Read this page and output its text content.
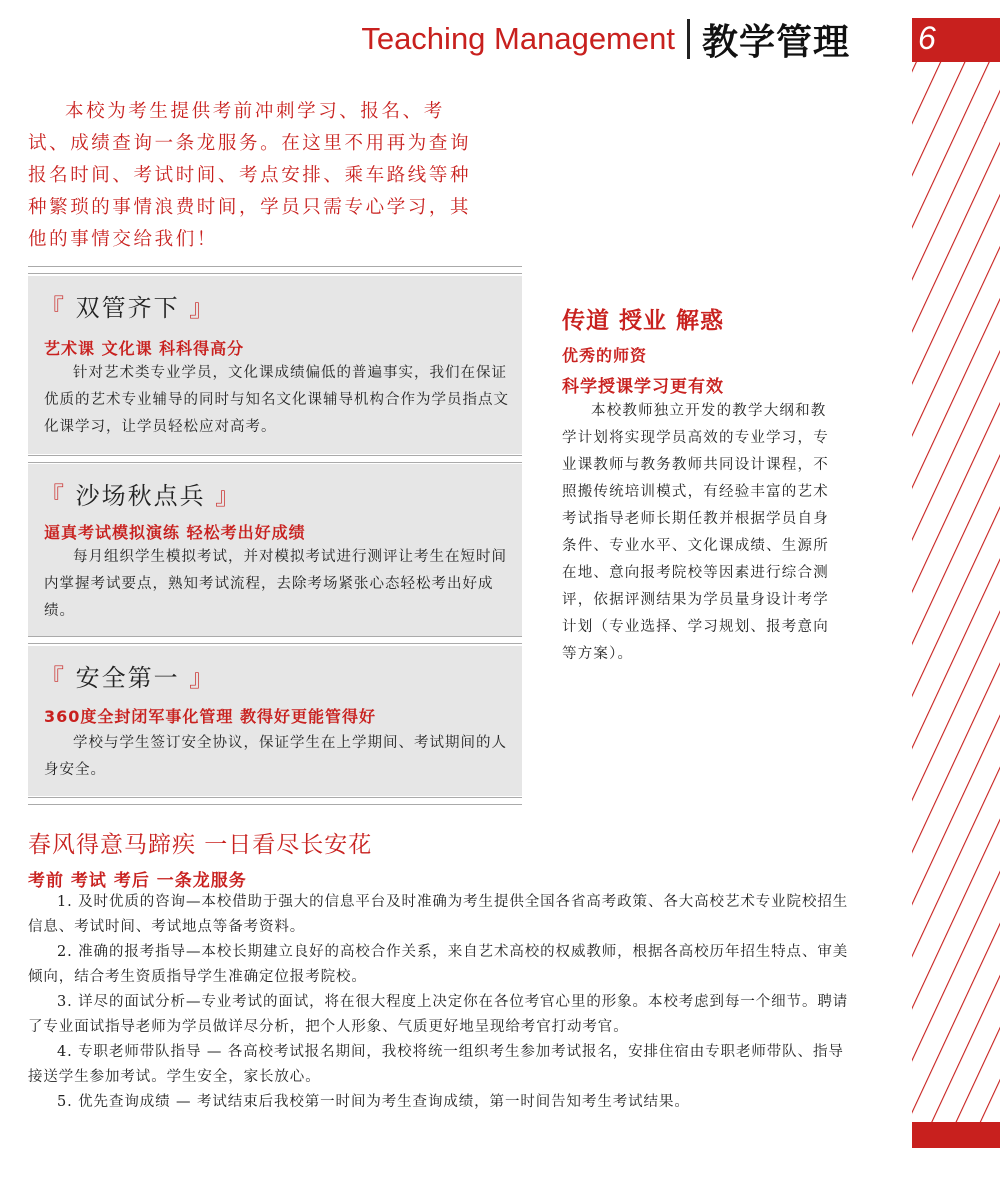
Teaching Management 教学管理 6

本校为考生提供考前冲刺学习、报名、考试、成绩查询一条龙服务。在这里不用再为查询报名时间、考试时间、考点安排、乘车路线等种种繁琐的事情浪费时间，学员只需专心学习，其他的事情交给我们！

『 双管齐下 』
艺术课 文化课 科科得高分

针对艺术类专业学员，文化课成绩偏低的普遍事实，我们在保证优质的艺术专业辅导的同时与知名文化课辅导机构合作为学员指点文化课学习，让学员轻松应对高考。

『 沙场秋点兵 』
逼真考试模拟演练 轻松考出好成绩

每月组织学生模拟考试，并对模拟考试进行测评让考生在短时间内掌握考试要点，熟知考试流程，去除考场紧张心态轻松考出好成绩。

『 安全第一 』
360度全封闭军事化管理 教得好更能管得好

学校与学生签订安全协议，保证学生在上学期间、考试期间的人身安全。

传道 授业 解惑
优秀的师资
科学授课学习更有效

本校教师独立开发的教学大纲和教学计划将实现学员高效的专业学习，专业课教师与教务教师共同设计课程，不照搬传统培训模式，有经验丰富的艺术考试指导老师长期任教并根据学员自身条件、专业水平、文化课成绩、生源所在地、意向报考院校等因素进行综合测评，依据评测结果为学员量身设计考学计划（专业选择、学习规划、报考意向等方案）。

春风得意马蹄疾 一日看尽长安花
考前 考试 考后 一条龙服务
1. 及时优质的咨询—本校借助于强大的信息平台及时准确为考生提供全国各省高考政策、各大高校艺术专业院校招生信息、考试时间、考试地点等备考资料。
2. 准确的报考指导—本校长期建立良好的高校合作关系，来自艺术高校的权威教师，根据各高校历年招生特点、审美倾向，结合考生资质指导学生准确定位报考院校。
3. 详尽的面试分析—专业考试的面试，将在很大程度上决定你在各位考官心里的形象。本校考虑到每一个细节。聘请了专业面试指导老师为学员做详尽分析，把个人形象、气质更好地呈现给考官打动考官。
4. 专职老师带队指导 — 各高校考试报名期间，我校将统一组织考生参加考试报名，安排住宿由专职老师带队、指导接送学生参加考试。学生安全，家长放心。
5. 优先查询成绩 — 考试结束后我校第一时间为考生查询成绩，第一时间告知考生考试结果。
